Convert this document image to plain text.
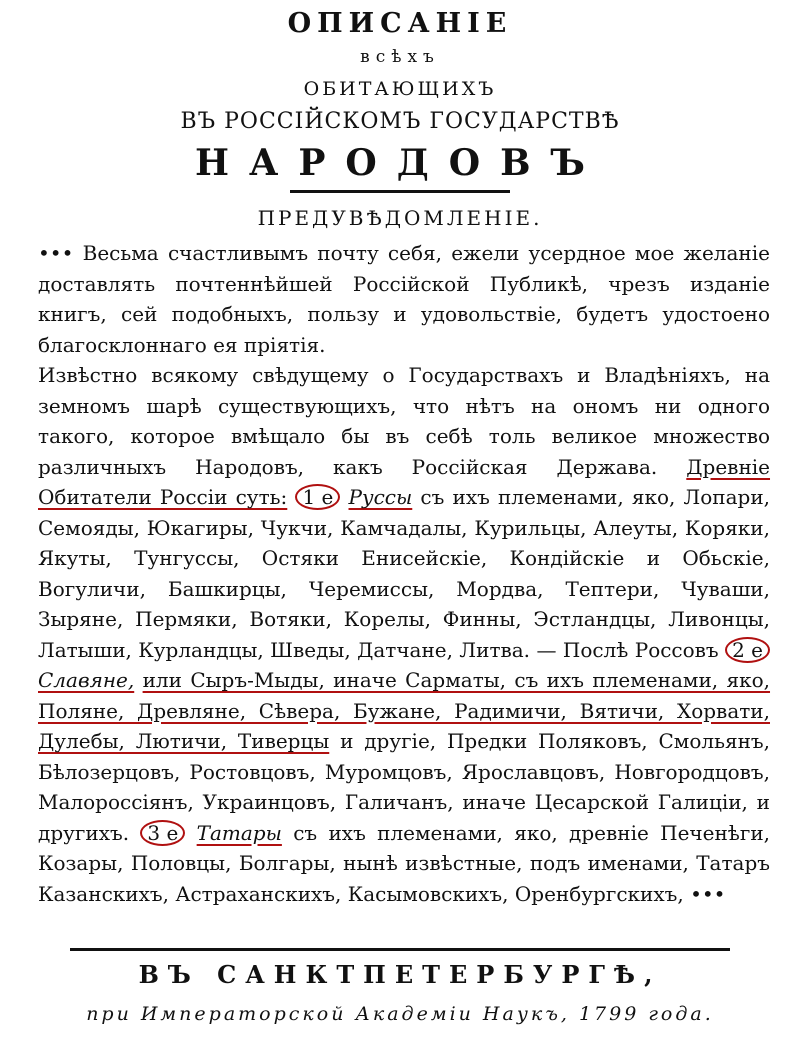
ОПИСАНІЕ
всѣхъ
ОБИТАЮЩИХЪ
ВЪ РОССІЙСКОМЪ ГОСУДАРСТВѢ
НАРОДОВЪ
ПРЕДУВѢДОМЛЕНІЕ.

••• Весьма счастливымъ почту себя, ежели усердное мое желаніе доставлять почтеннѣйшей Россійской Публикѣ, чрезъ изданіе книгъ, сей подобныхъ, пользу и удовольствіе, будетъ удостоено благосклоннаго ея пріятія.

Извѣстно всякому свѣдущему о Государствахъ и Владѣніяхъ, на земномъ шарѣ существующихъ, что нѣтъ на ономъ ни одного такого, которое вмѣщало бы въ себѣ толь великое множество различныхъ Народовъ, какъ Россійская Держава. Древніе Обитатели Россіи суть: 1 е Руссы съ ихъ племенами, яко, Лопари, Семояды, Юкагиры, Чукчи, Камчадалы, Курильцы, Алеуты, Коряки, Якуты, Тунгуссы, Остяки Енисейскіе, Кондійскіе и Обьскіе, Вогуличи, Башкирцы, Черемиссы, Мордва, Тептери, Чуваши, Зыряне, Пермяки, Вотяки, Корелы, Финны, Эстландцы, Ливонцы, Латыши, Курландцы, Шведы, Датчане, Литва. — Послѣ Россовъ 2 е Славяне, или Сыръ-Мыды, иначе Сарматы, съ ихъ племенами, яко, Поляне, Древляне, Сѣвера, Бужане, Радимичи, Вятичи, Хорвати, Дулебы, Лютичи, Тиверцы и другіе, Предки Поляковъ, Смольянъ, Бѣлозерцовъ, Ростовцовъ, Муромцовъ, Ярославцовъ, Новгородцовъ, Малороссіянъ, Украинцовъ, Галичанъ, иначе Цесарской Галиціи, и другихъ. 3 е Татары съ ихъ племенами, яко, древніе Печенѣги, Козары, Половцы, Болгары, нынѣ извѣстные, подъ именами, Татаръ Казанскихъ, Астраханскихъ, Касымовскихъ, Оренбургскихъ, •••

ВЪ САНКТПЕТЕРБУРГѢ,
при Императорской Академіи Наукъ, 1799 года.
